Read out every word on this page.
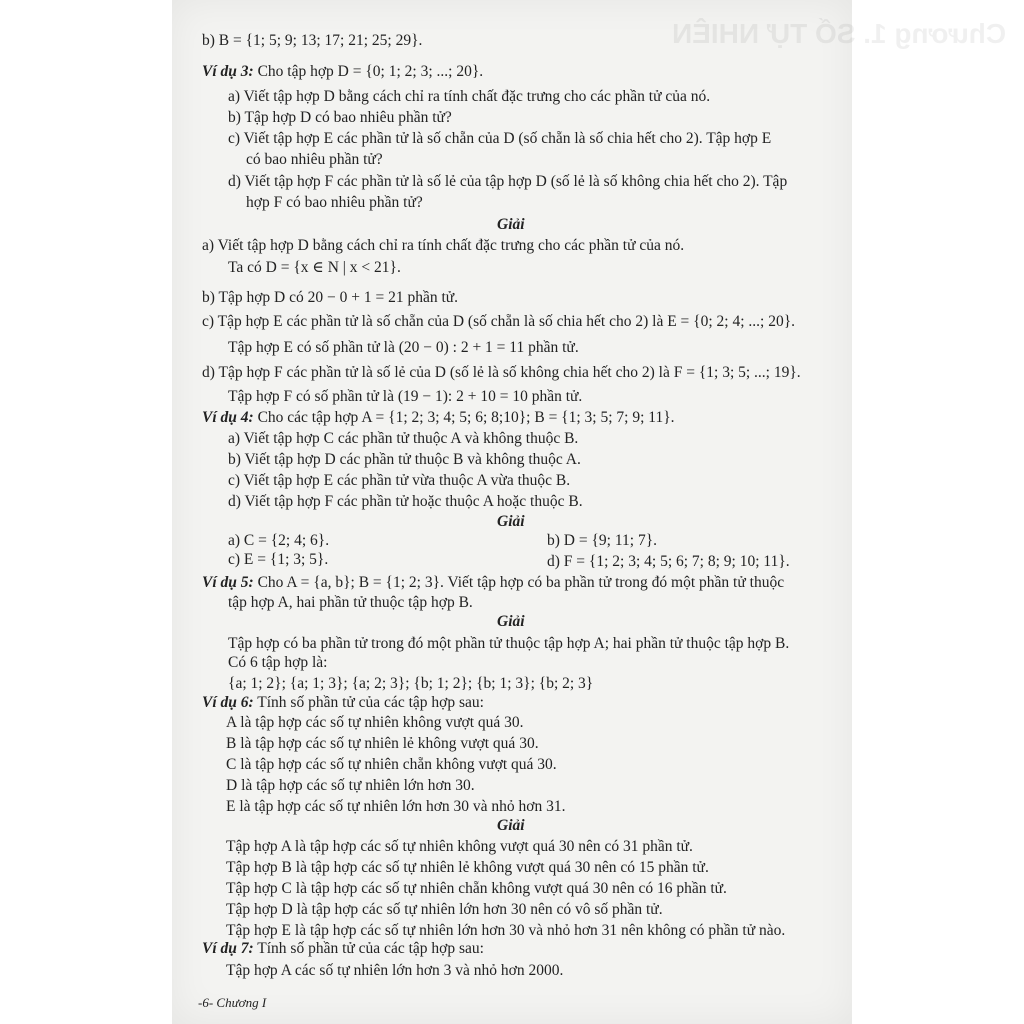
Chương 1. SỐ TỰ NHIÊN
b) B = {1; 5; 9; 13; 17; 21; 25; 29}.
Ví dụ 3: Cho tập hợp D = {0; 1; 2; 3; ...; 20}.
a) Viết tập hợp D bằng cách chỉ ra tính chất đặc trưng cho các phần tử của nó.
b) Tập hợp D có bao nhiêu phần tử?
c) Viết tập hợp E các phần tử là số chẵn của D (số chẵn là số chia hết cho 2). Tập hợp E
có bao nhiêu phần tử?
d) Viết tập hợp F các phần tử là số lẻ của tập hợp D (số lẻ là số không chia hết cho 2). Tập
hợp F có bao nhiêu phần tử?
Giải
a) Viết tập hợp D bằng cách chỉ ra tính chất đặc trưng cho các phần tử của nó.
Ta có D = {x ∈ N | x < 21}.
b) Tập hợp D có 20 − 0 + 1 = 21 phần tử.
c) Tập hợp E các phần tử là số chẵn của D (số chẵn là số chia hết cho 2) là E = {0; 2; 4; ...; 20}.
Tập hợp E có số phần tử là (20 − 0) : 2 + 1 = 11 phần tử.
d) Tập hợp F các phần tử là số lẻ của D (số lẻ là số không chia hết cho 2) là F = {1; 3; 5; ...; 19}.
Tập hợp F có số phần tử là (19 − 1): 2 + 10 = 10 phần tử.
Ví dụ 4: Cho các tập hợp A = {1; 2; 3; 4; 5; 6; 8;10}; B = {1; 3; 5; 7; 9; 11}.
a) Viết tập hợp C các phần tử thuộc A và không thuộc B.
b) Viết tập hợp D các phần tử thuộc B và không thuộc A.
c) Viết tập hợp E các phần tử vừa thuộc A vừa thuộc B.
d) Viết tập hợp F các phần tử hoặc thuộc A hoặc thuộc B.
Giải
a) C = {2; 4; 6}.	b) D = {9; 11; 7}.
c) E = {1; 3; 5}.	d) F = {1; 2; 3; 4; 5; 6; 7; 8; 9; 10; 11}.
Ví dụ 5: Cho A = {a, b}; B = {1; 2; 3}. Viết tập hợp có ba phần tử trong đó một phần tử thuộc
tập hợp A, hai phần tử thuộc tập hợp B.
Giải
Tập hợp có ba phần tử trong đó một phần tử thuộc tập hợp A; hai phần tử thuộc tập hợp B.
Có 6 tập hợp là:
{a; 1; 2}; {a; 1; 3}; {a; 2; 3}; {b; 1; 2}; {b; 1; 3}; {b; 2; 3}
Ví dụ 6: Tính số phần tử của các tập hợp sau:
A là tập hợp các số tự nhiên không vượt quá 30.
B là tập hợp các số tự nhiên lẻ không vượt quá 30.
C là tập hợp các số tự nhiên chẵn không vượt quá 30.
D là tập hợp các số tự nhiên lớn hơn 30.
E là tập hợp các số tự nhiên lớn hơn 30 và nhỏ hơn 31.
Giải
Tập hợp A là tập hợp các số tự nhiên không vượt quá 30 nên có 31 phần tử.
Tập hợp B là tập hợp các số tự nhiên lẻ không vượt quá 30 nên có 15 phần tử.
Tập hợp C là tập hợp các số tự nhiên chẵn không vượt quá 30 nên có 16 phần tử.
Tập hợp D là tập hợp các số tự nhiên lớn hơn 30 nên có vô số phần tử.
Tập hợp E là tập hợp các số tự nhiên lớn hơn 30 và nhỏ hơn 31 nên không có phần tử nào.
Ví dụ 7: Tính số phần tử của các tập hợp sau:
Tập hợp A các số tự nhiên lớn hơn 3 và nhỏ hơn 2000.
-6- Chương I
